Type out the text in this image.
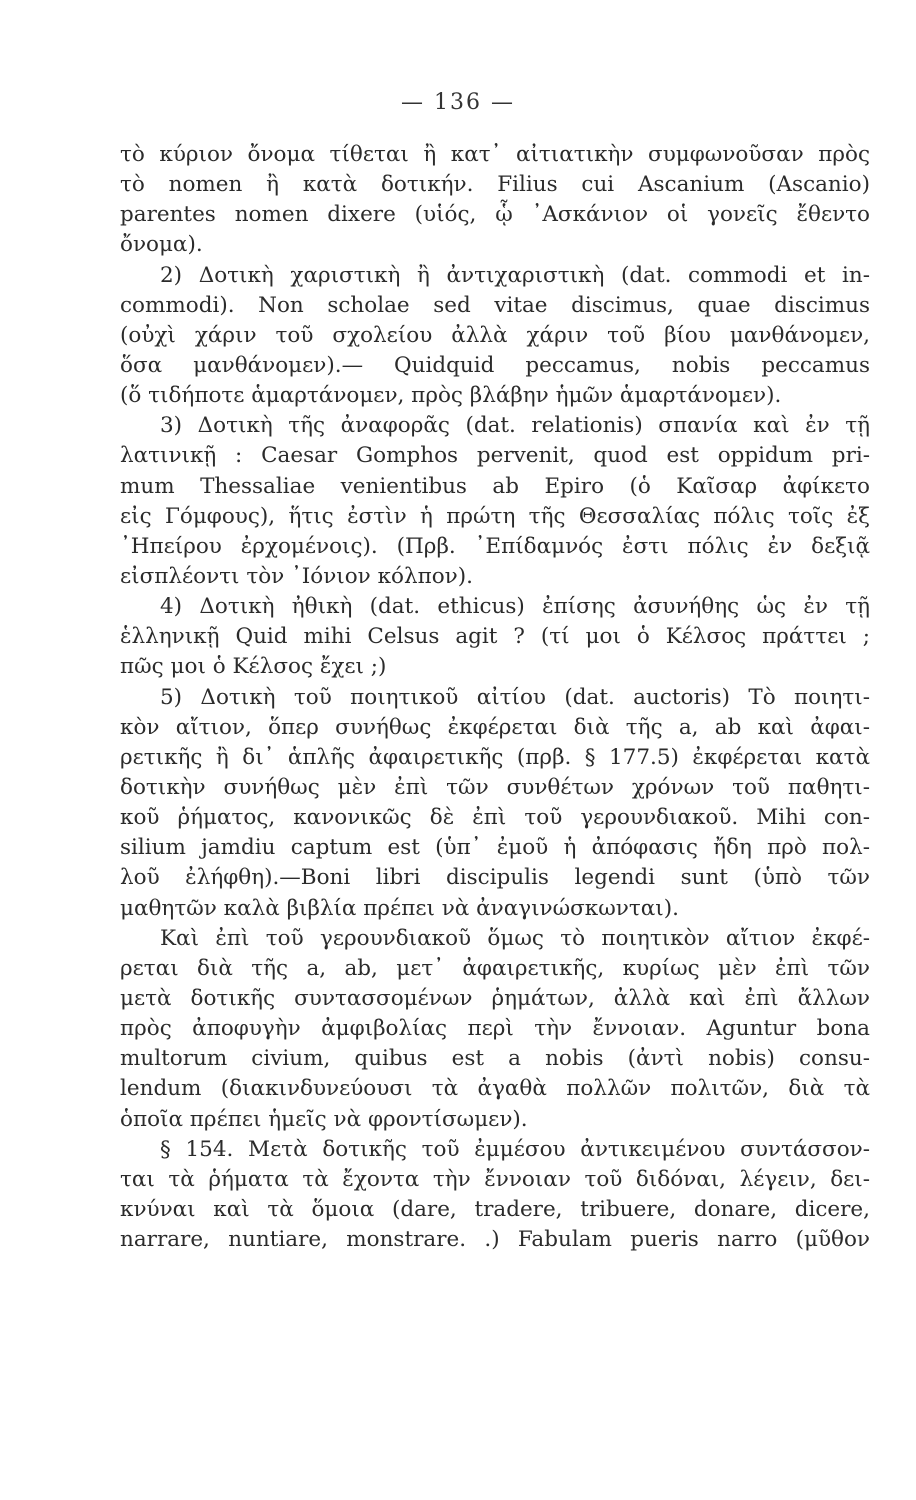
— 136 —
τὸ κύριον ὄνομα τίθεται ἢ κατ᾽ αἰτιατικὴν συμφωνοῦσαν πρὸς
τὸ nomen ἢ κατὰ δοτικήν. Filius cui Ascanium (Ascanio)
parentes nomen dixere (υἱός, ᾧ ᾿Ασκάνιον οἱ γονεῖς ἔθεντο
ὄνομα).
2) Δοτικὴ χαριστικὴ ἢ ἀντιχαριστικὴ (dat. commodi et in-
commodi). Non scholae sed vitae discimus, quae discimus
(οὐχὶ χάριν τοῦ σχολείου ἀλλὰ χάριν τοῦ βίου μανθάνομεν,
ὅσα μανθάνομεν).— Quidquid peccamus, nobis peccamus
(ὅ τιδήποτε ἁμαρτάνομεν, πρὸς βλάβην ἡμῶν ἁμαρτάνομεν).
3) Δοτικὴ τῆς ἀναφορᾶς (dat. relationis) σπανία καὶ ἐν τῇ
λατινικῇ : Caesar Gomphos pervenit, quod est oppidum pri-
mum Thessaliae venientibus ab Epiro (ὁ Καῖσαρ ἀφίκετο
εἰς Γόμφους), ἥτις ἐστὶν ἡ πρώτη τῆς Θεσσαλίας πόλις τοῖς ἐξ
᾿Ηπείρου ἐρχομένοις). (Πρβ. ᾿Επίδαμνός ἐστι πόλις ἐν δεξιᾷ
εἰσπλέοντι τὸν ᾿Ιόνιον κόλπον).
4) Δοτικὴ ἠθικὴ (dat. ethicus) ἐπίσης ἀσυνήθης ὡς ἐν τῇ
ἑλληνικῇ Quid mihi Celsus agit ? (τί μοι ὁ Κέλσος πράττει ;
πῶς μοι ὁ Κέλσος ἔχει ;)
5) Δοτικὴ τοῦ ποιητικοῦ αἰτίου (dat. auctoris) Τὸ ποιητι-
κὸν αἴτιον, ὅπερ συνήθως ἐκφέρεται διὰ τῆς a, ab καὶ ἀφαι-
ρετικῆς ἢ δι᾽ ἁπλῆς ἀφαιρετικῆς (πρβ. § 177.5) ἐκφέρεται κατὰ
δοτικὴν συνήθως μὲν ἐπὶ τῶν συνθέτων χρόνων τοῦ παθητι-
κοῦ ῥήματος, κανονικῶς δὲ ἐπὶ τοῦ γερουνδιακοῦ. Mihi con-
silium jamdiu captum est (ὑπ᾽ ἐμοῦ ἡ ἀπόφασις ἤδη πρὸ πολ-
λοῦ ἐλήφθη).—Boni libri discipulis legendi sunt (ὑπὸ τῶν
μαθητῶν καλὰ βιβλία πρέπει νὰ ἀναγινώσκωνται).
Καὶ ἐπὶ τοῦ γερουνδιακοῦ ὅμως τὸ ποιητικὸν αἴτιον ἐκφέ-
ρεται διὰ τῆς a, ab, μετ᾽ ἀφαιρετικῆς, κυρίως μὲν ἐπὶ τῶν
μετὰ δοτικῆς συντασσομένων ῥημάτων, ἀλλὰ καὶ ἐπὶ ἄλλων
πρὸς ἀποφυγὴν ἀμφιβολίας περὶ τὴν ἔννοιαν. Aguntur bona
multorum civium, quibus est a nobis (ἀντὶ nobis) consu-
lendum (διακινδυνεύουσι τὰ ἀγαθὰ πολλῶν πολιτῶν, διὰ τὰ
ὁποῖα πρέπει ἡμεῖς νὰ φροντίσωμεν).
§ 154. Μετὰ δοτικῆς τοῦ ἐμμέσου ἀντικειμένου συντάσσον-
ται τὰ ῥήματα τὰ ἔχοντα τὴν ἔννοιαν τοῦ διδόναι, λέγειν, δει-
κνύναι καὶ τὰ ὅμοια (dare, tradere, tribuere, donare, dicere,
narrare, nuntiare, monstrare. .) Fabulam pueris narro (μῦθον
